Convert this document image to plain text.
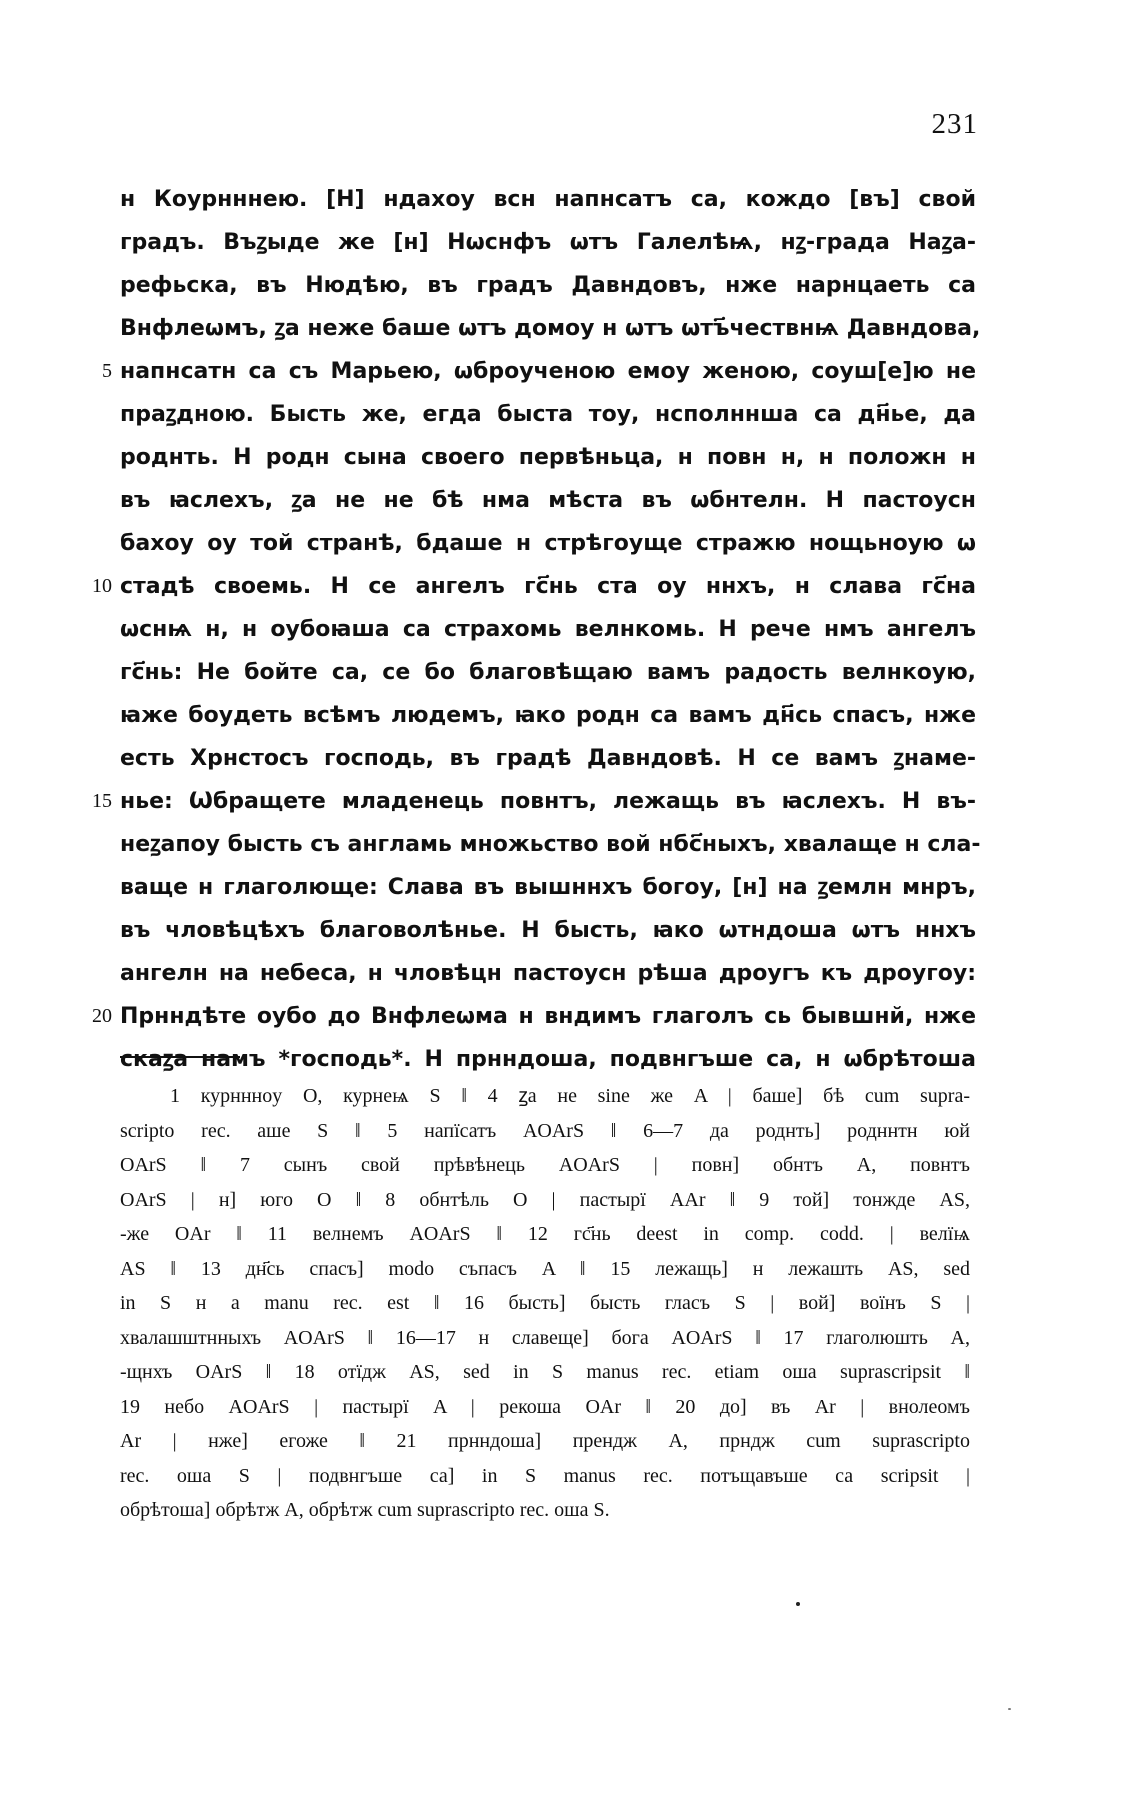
231
н Коурнннею. [Н] ндахоу всн напнсатъ са, кождо [въ] свой
градъ. Въꙁыде же [н] Нωснфъ ωтъ Галелѣѩ, нꙁ-града Наꙁа-
рефьска, въ Нюдѣю, въ градъ Давндовъ, нже нарнцаеть са
Внфлеωмъ, ꙁа неже баше ωтъ домоу н ωтъ ωтъ҃чествнѩ Давндова,
5 напнсатн са съ Марьею, ωброученою емоу женою, соуш[е]ю не
праꙁдною. Бысть же, егда быста тоу, нсполннша са дн҃ье, да
роднть. Н родн сына своего первѣньца, н повн н, н положн н
въ ꙗслехъ, ꙁа не не бѣ нма мѣста въ ωбнтелн. Н пастоусн
бахоу оу той странѣ, бдаше н стрѣгоуще стражю нощьноую ω
10 стадѣ своемь. Н се ангелъ гс҃нь ста оу ннхъ, н слава гс҃на
ωснѩ н, н оубоꙗша са страхомь велнкомь. Н рече нмъ ангелъ
гс҃нь: Не бойте са, се бо благовѣщаю вамъ радость велнкоую,
ꙗже боудеть всѣмъ людемъ, ꙗко родн са вамъ дн҃сь спасъ, нже
есть Хрнстосъ господь, въ градѣ Давндовѣ. Н се вамъ ꙁнаме-
15 нье: Ѡбращете младенець повнтъ, лежащь въ ꙗслехъ. Н въ-
неꙁапоу бысть съ англамь множьство вой нбс҃ныхъ, хвалаще н сла-
ваще н глаголюще: Слава въ вышннхъ богоу, [н] на ꙁемлн мнръ,
въ чловѣцѣхъ благоволѣнье. Н бысть, ꙗко ωтндоша ωтъ ннхъ
ангелн на небеса, н чловѣцн пастоусн рѣша дроугъ къ дроугоу:
20 Прнндѣте оубо до Внфлеωма н вндимъ глаголъ сь бывшнй, нже
скаꙁа намъ *господь*. Н прнндоша, подвнгъше са, н ωбрѣтоша
1 курнннοу O, курнеѩ S ‖ 4 ꙁа не sine же A | баше] бѣ cum supra-
scripto rec. аше S ‖ 5 напїсатъ AOArS ‖ 6—7 да роднть] родннтн юй
OArS ‖ 7 сынъ свой прѣвѣнець AOArS | повн] обнтъ A, повнтъ
OArS | н] юго O ‖ 8 обнтѣль O | пастырї AAr ‖ 9 той] тонжде AS,
-же OAr ‖ 11 велнемъ AOArS ‖ 12 гс҃нь deest in comp. codd. | велїѩ
AS ‖ 13 дн҃сь спасъ] modo съпасъ A ‖ 15 лежащь] н лежашть AS, sed
in S н a manu rec. est ‖ 16 бысть] бысть гласъ S | вой] воїнъ S |
хвалашштнныхъ AOArS ‖ 16—17 н славеще] бога AOArS ‖ 17 глаголюшть A,
-щнхъ OArS ‖ 18 отїдж AS, sed in S manus rec. etiam оша suprascripsit ‖
19 небо AOArS | пастырї A | рекоша OAr ‖ 20 до] въ Ar | внолеомъ
Ar | нже] егоже ‖ 21 прнндоша] прендж A, прндж cum suprascripto
rec. оша S | подвнгъше са] in S manus rec. потъщавъше са scripsit |
обрѣтоша] обрѣтж A, обрѣтж cum suprascripto rec. оша S.
